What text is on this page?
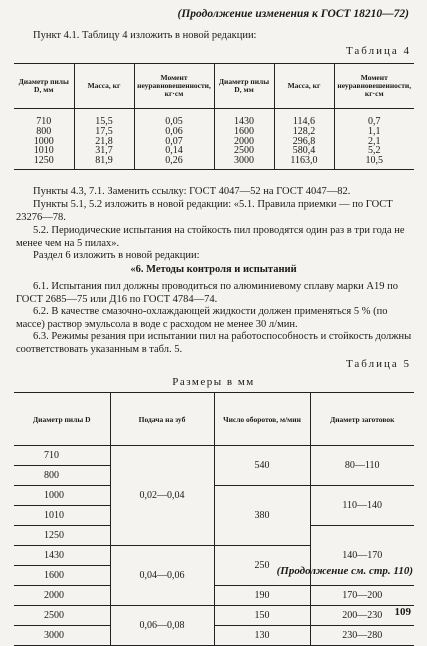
(Продолжение изменения к ГОСТ 18210—72)
Пункт 4.1. Таблицу 4 изложить в новой редакции:
Таблица 4
Диаметр пилы D, мм	Масса, кг	Момент неуравновешенности, кг·см	Диаметр пилы D, мм	Масса, кг	Момент неуравновешенности, кг·см
710	15,5	0,05	1430	114,6	0,7
800	17,5	0,06	1600	128,2	1,1
1000	21,8	0,07	2000	296,8	2,1
1010	31,7	0,14	2500	580,4	5,2
1250	81,9	0,26	3000	1163,0	10,5
Пункты 4.3, 7.1. Заменить ссылку: ГОСТ 4047—52 на ГОСТ 4047—82.
Пункты 5.1, 5.2 изложить в новой редакции: «5.1. Правила приемки — по ГОСТ 23276—78.
5.2. Периодические испытания на стойкость пил проводятся один раз в три года не менее чем на 5 пилах».
Раздел 6 изложить в новой редакции:
«6. Методы контроля и испытаний
6.1. Испытания пил должны проводиться по алюминиевому сплаву марки А19 по ГОСТ 2685—75 или Д16 по ГОСТ 4784—74.
6.2. В качестве смазочно-охлаждающей жидкости должен применяться 5 % (по массе) раствор эмульсола в воде с расходом не менее 30 л/мин.
6.3. Режимы резания при испытании пил на работоспособность и стойкость должны соответствовать указанным в табл. 5.
Таблица 5
Размеры в мм
Диаметр пилы D	Подача на зуб	Число оборотов, м/мин	Диаметр заготовок
710	0,02—0,04	540	80—110
800			
1000		380	110—140
1010			
1250			140—170
1430	0,04—0,06	250	
1600			
2000		190	170—200
2500	0,06—0,08	150	200—230
3000		130	230—280
(Продолжение см. стр. 110)
109
